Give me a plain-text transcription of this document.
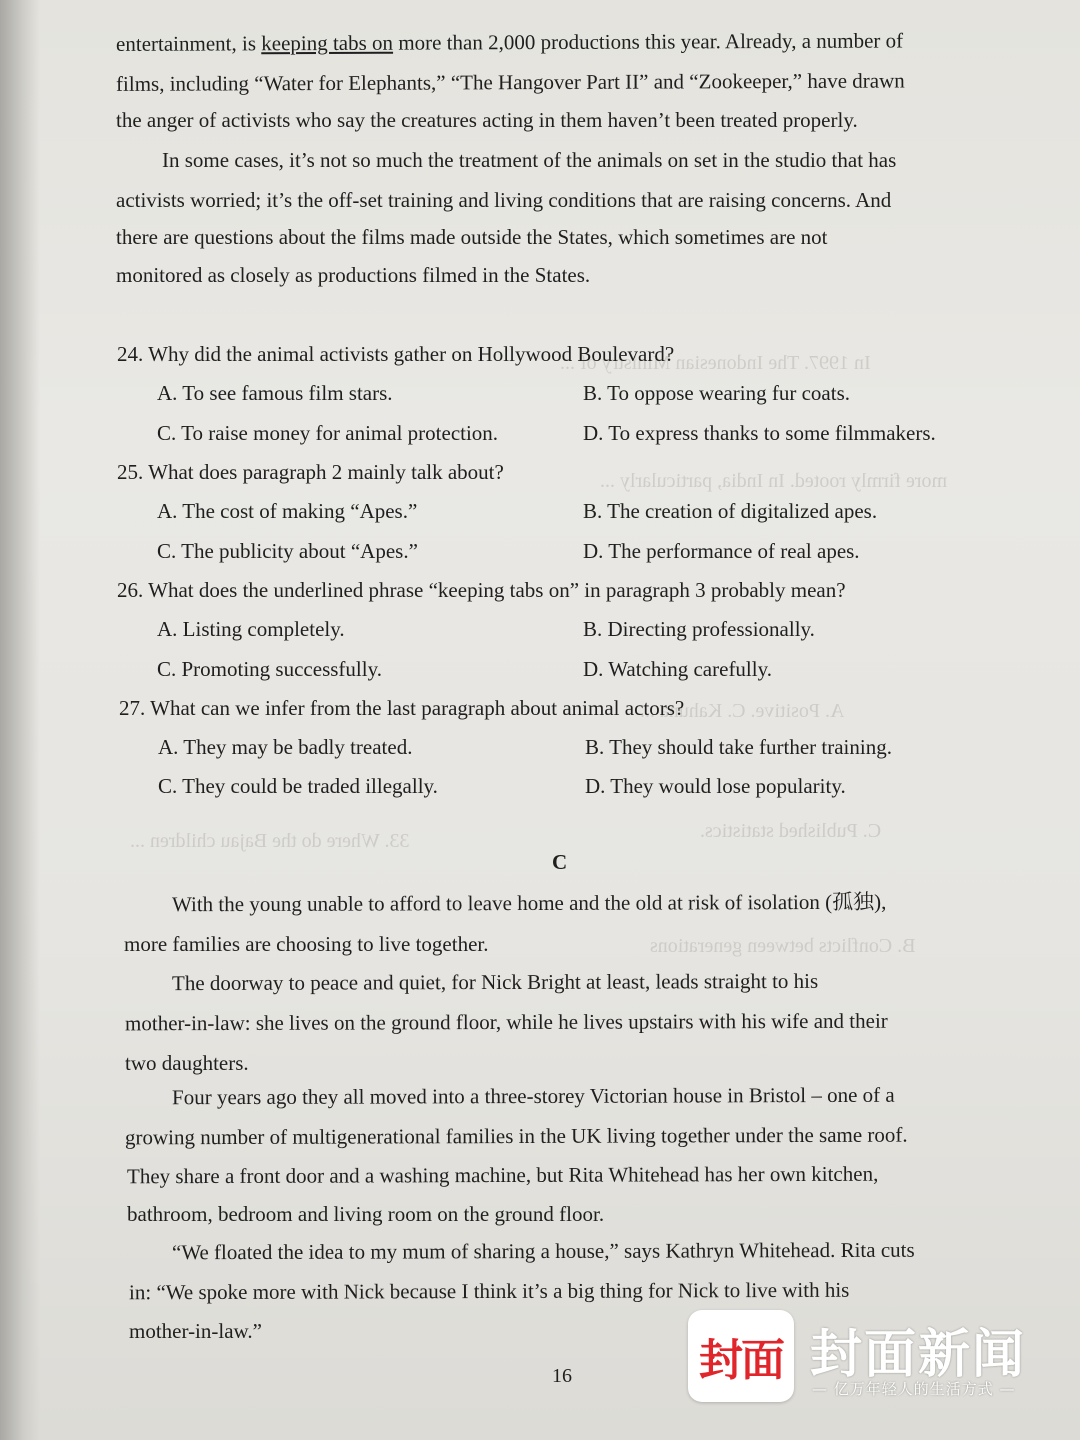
In 1997. The Indonesian Ministry of ...
more firmly rooted. In India, particularly ...
A. Positive. C. Kahuna ...
C. Published statistics.
33. Where do the Bajau children ...
B. Conflicts between generations
entertainment, is keeping tabs on more than 2,000 productions this year. Already, a number of
films, including “Water for Elephants,” “The Hangover Part II” and “Zookeeper,” have drawn
the anger of activists who say the creatures acting in them haven’t been treated properly.
In some cases, it’s not so much the treatment of the animals on set in the studio that has
activists worried; it’s the off-set training and living conditions that are raising concerns. And
there are questions about the films made outside the States, which sometimes are not
monitored as closely as productions filmed in the States.
24. Why did the animal activists gather on Hollywood Boulevard?
A. To see famous film stars.	B. To oppose wearing fur coats.
C. To raise money for animal protection.	D. To express thanks to some filmmakers.
25. What does paragraph 2 mainly talk about?
A. The cost of making “Apes.”	B. The creation of digitalized apes.
C. The publicity about “Apes.”	D. The performance of real apes.
26. What does the underlined phrase “keeping tabs on” in paragraph 3 probably mean?
A. Listing completely.	B. Directing professionally.
C. Promoting successfully.	D. Watching carefully.
27. What can we infer from the last paragraph about animal actors?
A. They may be badly treated.	B. They should take further training.
C. They could be traded illegally.	D. They would lose popularity.
C
With the young unable to afford to leave home and the old at risk of isolation (孤独),
more families are choosing to live together.
The doorway to peace and quiet, for Nick Bright at least, leads straight to his
mother-in-law: she lives on the ground floor, while he lives upstairs with his wife and their
two daughters.
Four years ago they all moved into a three-storey Victorian house in Bristol – one of a
growing number of multigenerational families in the UK living together under the same roof.
They share a front door and a washing machine, but Rita Whitehead has her own kitchen,
bathroom, bedroom and living room on the ground floor.
“We floated the idea to my mum of sharing a house,” says Kathryn Whitehead. Rita cuts
in: “We spoke more with Nick because I think it’s a big thing for Nick to live with his
mother-in-law.”
16	封面 封面新闻
— 亿万年轻人的生活方式 —
